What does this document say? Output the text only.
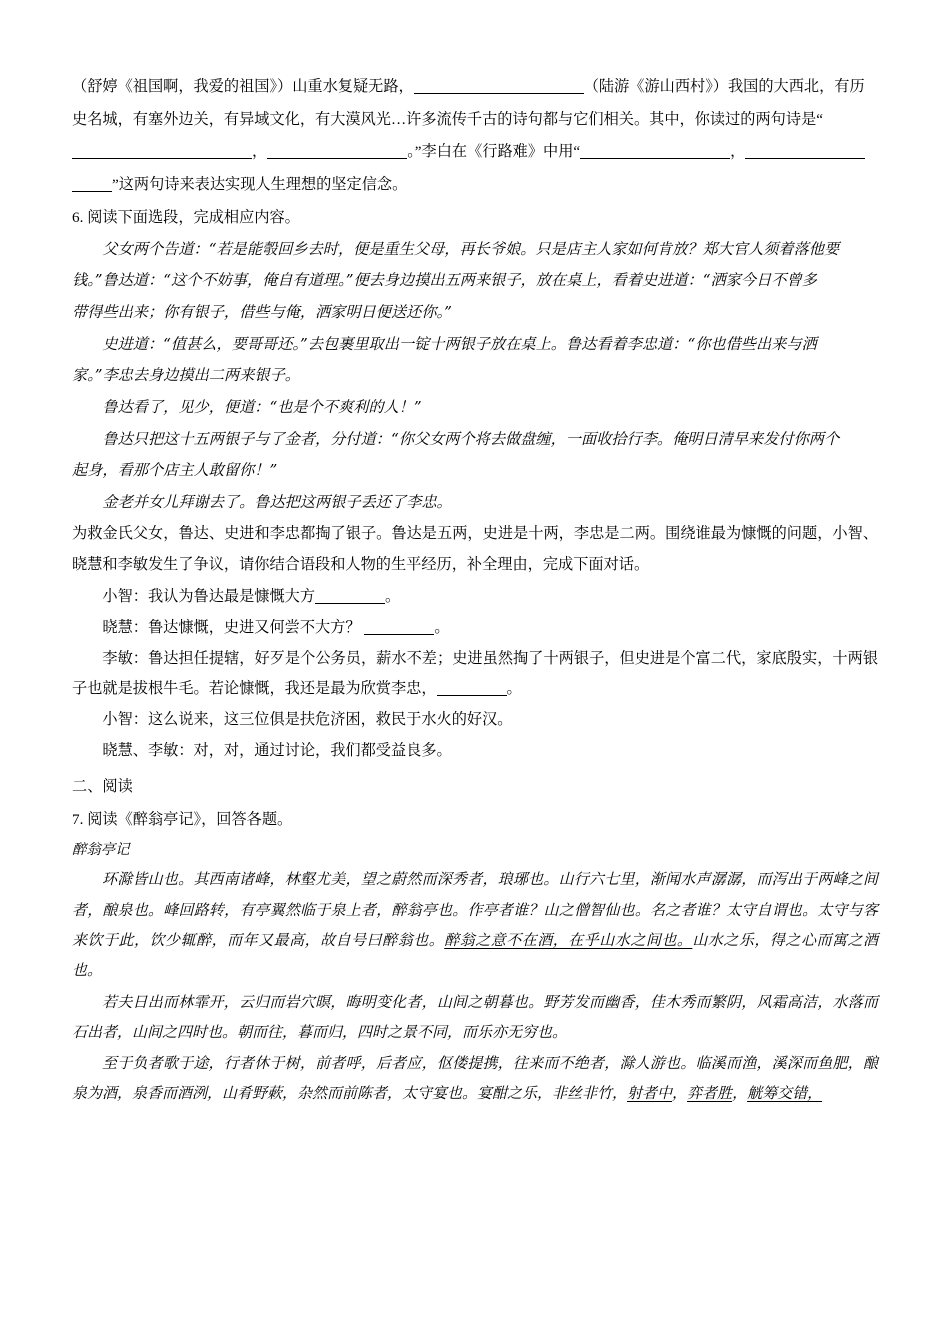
（舒婷《祖国啊，我爱的祖国》）山重水复疑无路，	（陆游《游山西村》）我国的大西北，有历

史名城，有塞外边关，有异域文化，有大漠风光…许多流传千古的诗句都与它们相关。其中，你读过的两句诗是“

，	。”李白在《行路难》中用“	，

”这两句诗来表达实现人生理想的坚定信念。

6. 阅读下面选段，完成相应内容。

父女两个告道：“若是能彀回乡去时，便是重生父母，再长爷娘。只是店主人家如何肯放？郑大官人须着落他要

钱。”鲁达道：“这个不妨事，俺自有道理。”便去身边摸出五两来银子，放在桌上，看着史进道：“洒家今日不曾多

带得些出来；你有银子，借些与俺，洒家明日便送还你。”

史进道：“值甚么，要哥哥还。”去包裹里取出一锭十两银子放在桌上。鲁达看着李忠道：“你也借些出来与洒

家。”李忠去身边摸出二两来银子。

鲁达看了，见少，便道：“也是个不爽利的人！”

鲁达只把这十五两银子与了金者，分付道：“你父女两个将去做盘缠，一面收拾行李。俺明日清早来发付你两个

起身，看那个店主人敢留你！”

金老并女儿拜谢去了。鲁达把这两银子丢还了李忠。

为救金氏父女，鲁达、史进和李忠都掏了银子。鲁达是五两，史进是十两，李忠是二两。围绕谁最为慷慨的问题，小智、晓慧和李敏发生了争议，请你结合语段和人物的生平经历，补全理由，完成下面对话。

小智：我认为鲁达最是慷慨大方	。

晓慧：鲁达慷慨，史进又何尝不大方？	。

李敏：鲁达担任提辖，好歹是个公务员，薪水不差；史进虽然掏了十两银子，但史进是个富二代，家底殷实，十两银子也就是拔根牛毛。若论慷慨，我还是最为欣赏李忠，	。

小智：这么说来，这三位俱是扶危济困，救民于水火的好汉。

晓慧、李敏：对，对，通过讨论，我们都受益良多。

二、阅读

7. 阅读《醉翁亭记》，回答各题。

醉翁亭记

环滁皆山也。其西南诸峰，林壑尤美，望之蔚然而深秀者，琅琊也。山行六七里，渐闻水声潺潺，而泻出于两峰之间者，酿泉也。峰回路转，有亭翼然临于泉上者，醉翁亭也。作亭者谁？山之僧智仙也。名之者谁？太守自谓也。太守与客来饮于此，饮少辄醉，而年又最高，故自号曰醉翁也。醉翁之意不在酒，在乎山水之间也。山水之乐，得之心而寓之酒也。

若夫日出而林霏开，云归而岩穴暝，晦明变化者，山间之朝暮也。野芳发而幽香，佳木秀而繁阴，风霜高洁，水落而石出者，山间之四时也。朝而往，暮而归，四时之景不同，而乐亦无穷也。

至于负者歌于途，行者休于树，前者呼，后者应，伛偻提携，往来而不绝者，滁人游也。临溪而渔，溪深而鱼肥，酿泉为酒，泉香而酒洌，山肴野蔌，杂然而前陈者，太守宴也。宴酣之乐，非丝非竹，射者中，弈者胜，觥筹交错，
